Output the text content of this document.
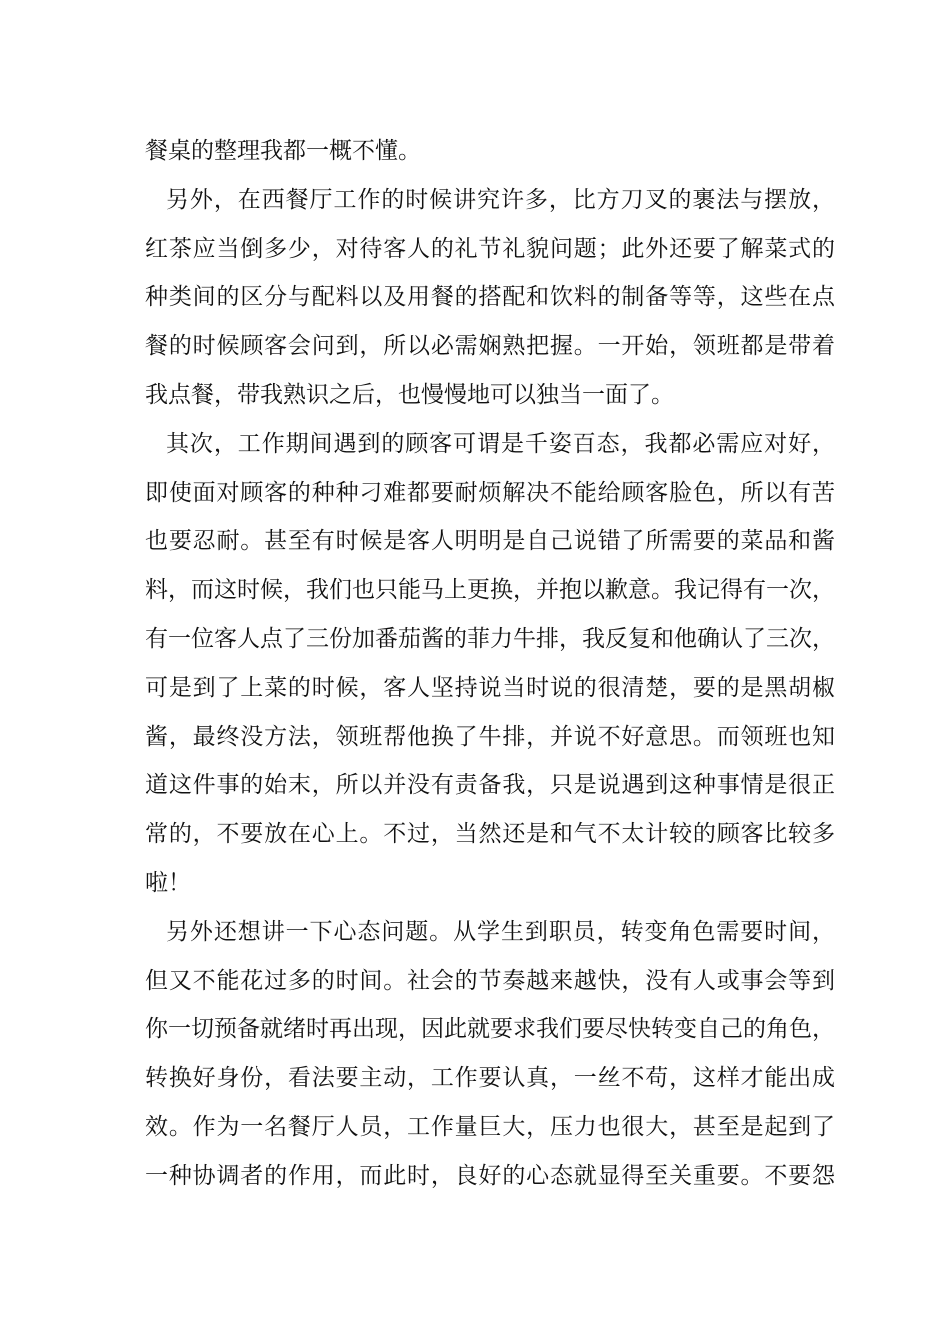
餐桌的整理我都一概不懂。
另外，在西餐厅工作的时候讲究许多，比方刀叉的裹法与摆放，
红茶应当倒多少，对待客人的礼节礼貌问题；此外还要了解菜式的
种类间的区分与配料以及用餐的搭配和饮料的制备等等，这些在点
餐的时候顾客会问到，所以必需娴熟把握。一开始，领班都是带着
我点餐，带我熟识之后，也慢慢地可以独当一面了。
其次，工作期间遇到的顾客可谓是千姿百态，我都必需应对好，
即使面对顾客的种种刁难都要耐烦解决不能给顾客脸色，所以有苦
也要忍耐。甚至有时候是客人明明是自己说错了所需要的菜品和酱
料，而这时候，我们也只能马上更换，并抱以歉意。我记得有一次，
有一位客人点了三份加番茄酱的菲力牛排，我反复和他确认了三次，
可是到了上菜的时候，客人坚持说当时说的很清楚，要的是黑胡椒
酱，最终没方法，领班帮他换了牛排，并说不好意思。而领班也知
道这件事的始末，所以并没有责备我，只是说遇到这种事情是很正
常的，不要放在心上。不过，当然还是和气不太计较的顾客比较多
啦！
另外还想讲一下心态问题。从学生到职员，转变角色需要时间，
但又不能花过多的时间。社会的节奏越来越快，没有人或事会等到
你一切预备就绪时再出现，因此就要求我们要尽快转变自己的角色，
转换好身份，看法要主动，工作要认真，一丝不苟，这样才能出成
效。作为一名餐厅人员，工作量巨大，压力也很大，甚至是起到了
一种协调者的作用，而此时，良好的心态就显得至关重要。不要怨
